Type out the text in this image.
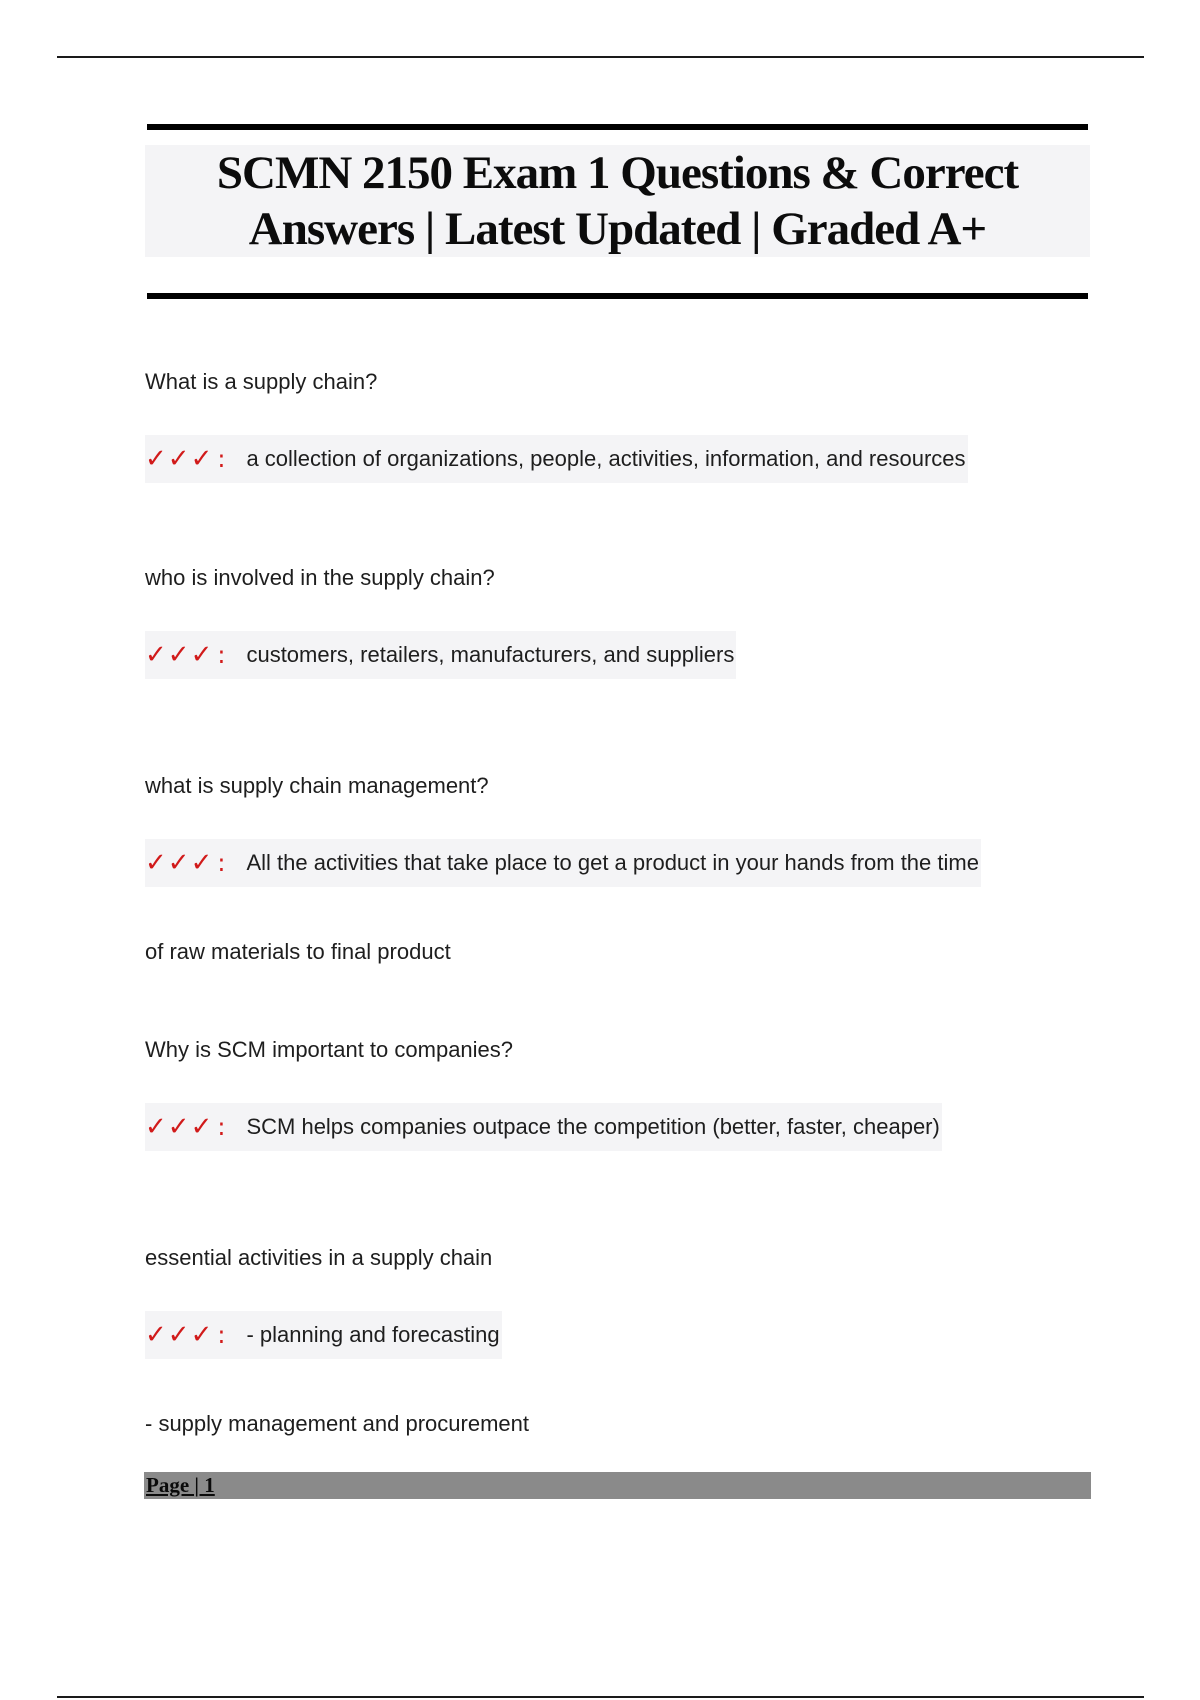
SCMN 2150 Exam 1 Questions & Correct Answers | Latest Updated | Graded A+
What is a supply chain?
✓✓✓ : a collection of organizations, people, activities, information, and resources
who is involved in the supply chain?
✓✓✓ : customers, retailers, manufacturers, and suppliers
what is supply chain management?
✓✓✓ : All the activities that take place to get a product in your hands from the time
of raw materials to final product
Why is SCM important to companies?
✓✓✓ : SCM helps companies outpace the competition (better, faster, cheaper)
essential activities in a supply chain
✓✓✓ : - planning and forecasting
- supply management and procurement
Page | 1
